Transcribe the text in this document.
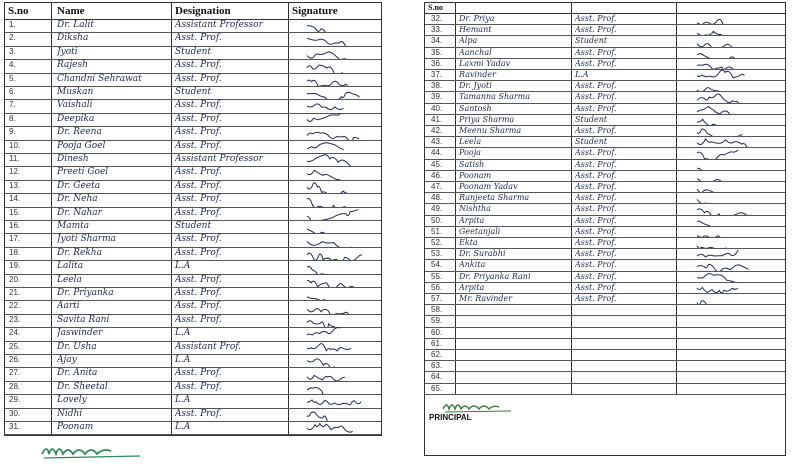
S.no	Name	Designation	Signature
1.	Dr. Lalit	Assistant Professor
2.	Diksha	Asst. Prof.
3.	Jyoti	Student
4.	Rajesh	Asst. Prof.
5.	Chandni Sehrawat	Asst. Prof.
6.	Muskan	Student
7.	Vaishali	Asst. Prof.
8.	Deepika	Asst. Prof.
9.	Dr. Reena	Asst. Prof.
10.	Pooja Goel	Asst. Prof.
11.	Dinesh	Assistant Professor
12.	Preeti Goel	Asst. Prof.
13.	Dr. Geeta	Asst. Prof.
14.	Dr. Neha	Asst. Prof.
15.	Dr. Nahar	Asst. Prof.
16.	Mamta	Student
17.	Jyoti Sharma	Asst. Prof.
18.	Dr. Rekha	Asst. Prof.
19.	Lalita	L.A
20.	Leela	Asst. Prof.
21.	Dr. Priyanka	Asst. Prof.
22.	Aarti	Asst. Prof.
23.	Savita Rani	Asst. Prof.
24.	Jaswinder	L.A
25.	Dr. Usha	Assistant Prof.
26.	Ajay	L.A
27.	Dr. Anita	Asst. Prof.
28.	Dr. Sheetal	Asst. Prof.
29.	Lovely	L.A
30.	Nidhi	Asst. Prof.
31.	Poonam	L.A
S.no
32. Dr. Priya	Asst. Prof.
33. Hemant	Asst. Prof.
34. Alpa	Student
35. Aanchal	Asst. Prof.
36. Laxmi Yadav	Asst. Prof.
37. Ravinder	L.A
38. Dr. Jyoti	Asst. Prof.
39. Tamanna Sharma	Asst. Prof.
40. Santosh	Asst. Prof.
41. Priya Sharma	Student
42. Meenu Sharma	Asst. Prof.
43. Leela	Student
44. Pooja	Asst. Prof.
45. Satish	Asst. Prof.
46. Poonam	Asst. Prof.
47. Poonam Yadav	Asst. Prof.
48. Ranjeeta Sharma	Asst. Prof.
49. Nishtha	Asst. Prof.
50. Arpita	Asst. Prof.
51. Geetanjali	Asst. Prof.
52. Ekta	Asst. Prof.
53. Dr. Surabhi	Asst. Prof.
54. Ankita	Asst. Prof.
55. Dr. Priyanka Rani	Asst. Prof.
56. Arpita	Asst. Prof.
57. Mr. Ravinder	Asst. Prof.
58.
59.
60.
61.
62.
63.
64.
65.
PRINCIPAL
